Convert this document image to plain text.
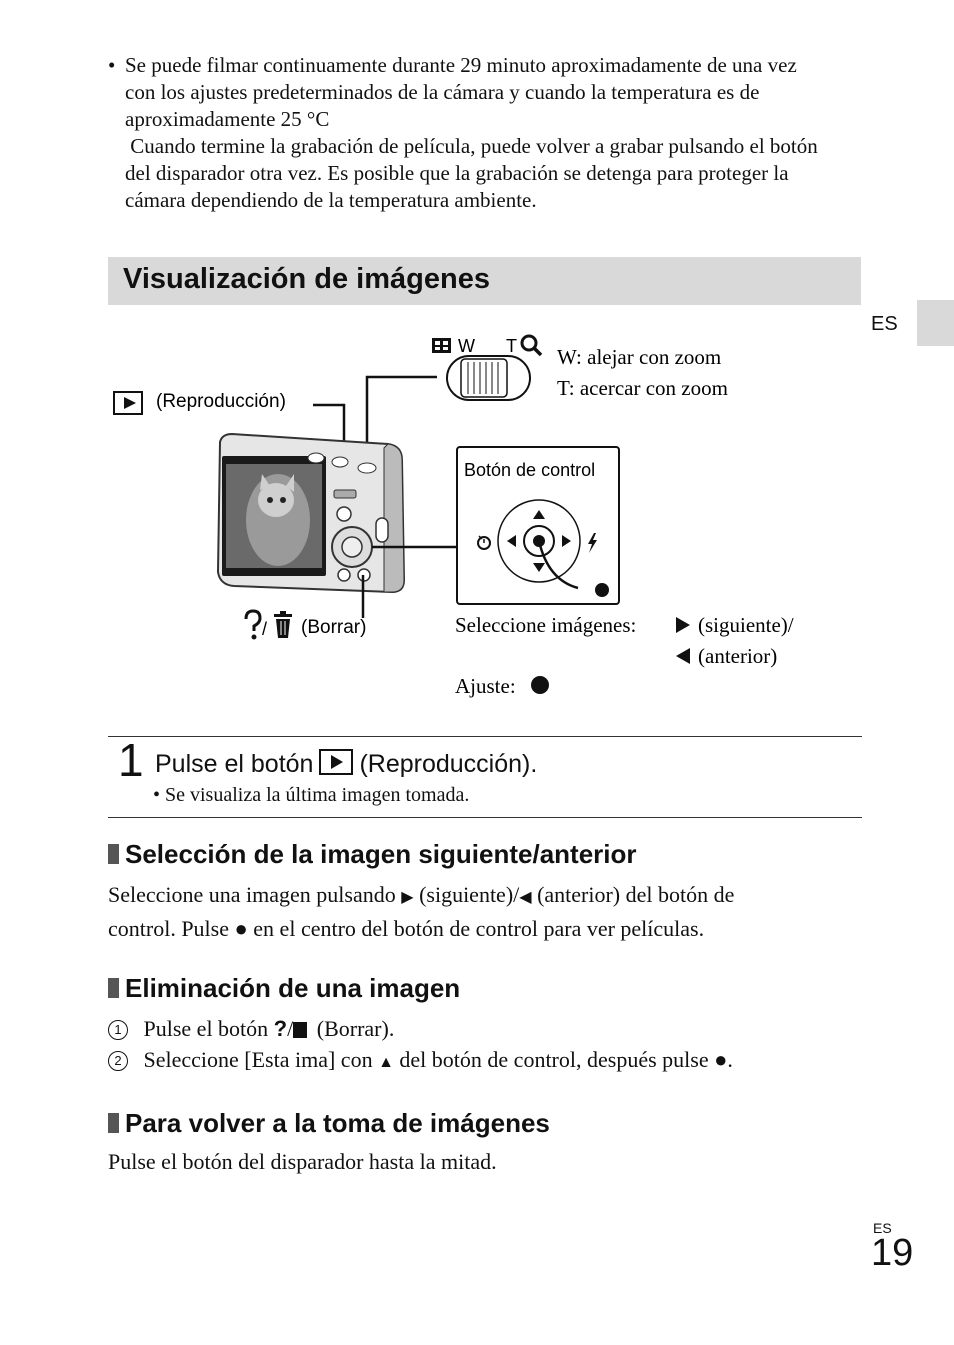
• Se puede filmar continuamente durante 29 minuto aproximadamente de una vez
con los ajustes predeterminados de la cámara y cuando la temperatura es de
aproximadamente 25 °C
Cuando termine la grabación de película, puede volver a grabar pulsando el botón
del disparador otra vez. Es posible que la grabación se detenga para proteger la
cámara dependiendo de la temperatura ambiente.
Visualización de imágenes
ES
(Reproducción)
W T W: alejar con zoom
T: acercar con zoom
Botón de control
/ (Borrar)	Seleccione imágenes:	(siguiente)/
(anterior)
Ajuste:
1 Pulse el botón (Reproducción).
• Se visualiza la última imagen tomada.
Selección de la imagen siguiente/anterior
Seleccione una imagen pulsando ▶ (siguiente)/◀ (anterior) del botón de
control. Pulse ● en el centro del botón de control para ver películas.
Eliminación de una imagen
1 Pulse el botón ?/ (Borrar).
2 Seleccione [Esta ima] con ▲ del botón de control, después pulse ●.
Para volver a la toma de imágenes
Pulse el botón del disparador hasta la mitad.
ES
19
